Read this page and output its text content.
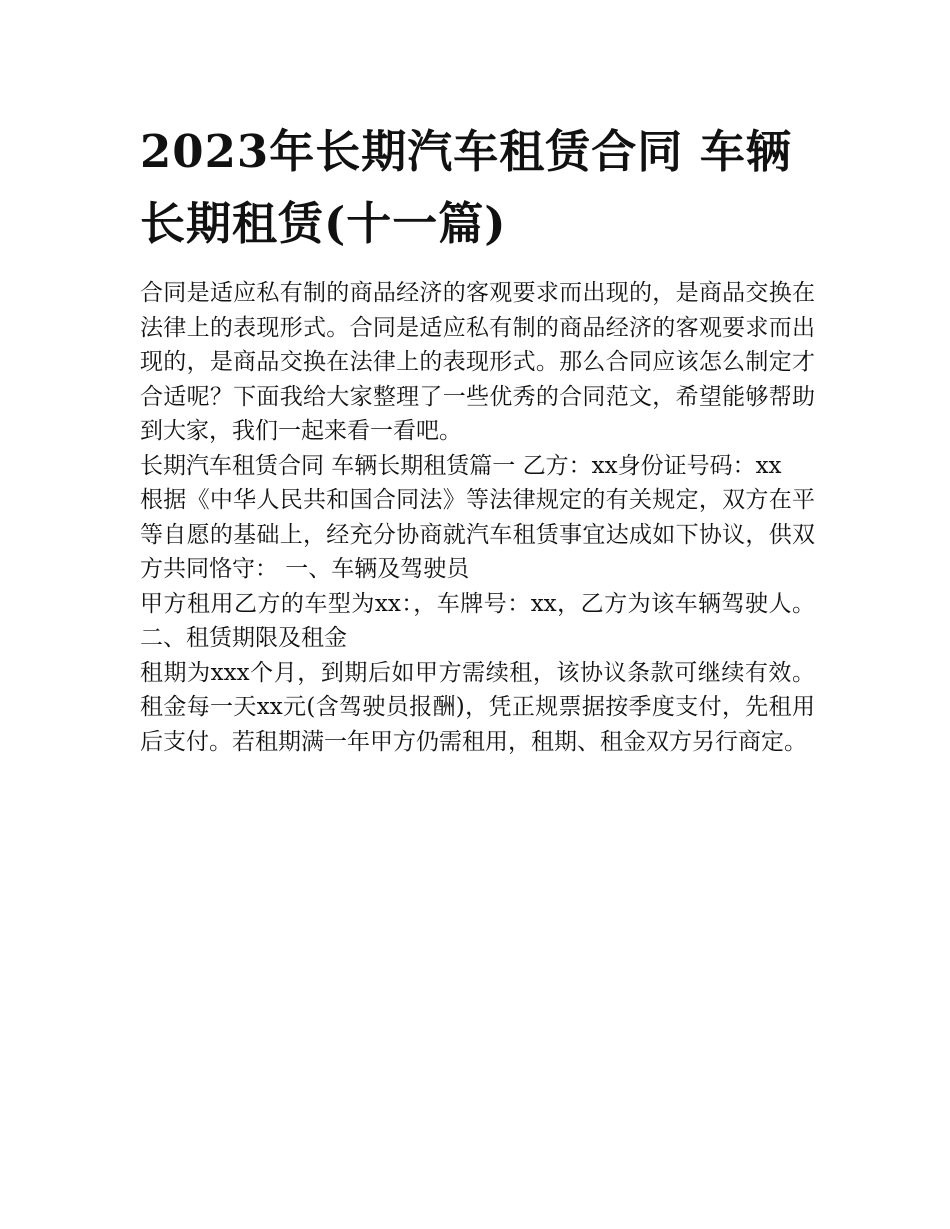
2023年长期汽车租赁合同 车辆长期租赁(十一篇)

合同是适应私有制的商品经济的客观要求而出现的，是商品交换在法律上的表现形式。合同是适应私有制的商品经济的客观要求而出现的，是商品交换在法律上的表现形式。那么合同应该怎么制定才合适呢？下面我给大家整理了一些优秀的合同范文，希望能够帮助到大家，我们一起来看一看吧。

长期汽车租赁合同 车辆长期租赁篇一 乙方：xx身份证号码：xx

根据《中华人民共和国合同法》等法律规定的有关规定，双方在平等自愿的基础上，经充分协商就汽车租赁事宜达成如下协议，供双方共同恪守： 一、车辆及驾驶员

甲方租用乙方的车型为xx：，车牌号：xx，乙方为该车辆驾驶人。 二、租赁期限及租金

租期为xxx个月，到期后如甲方需续租，该协议条款可继续有效。租金每一天xx元(含驾驶员报酬)，凭正规票据按季度支付，先租用后支付。若租期满一年甲方仍需租用，租期、租金双方另行商定。
